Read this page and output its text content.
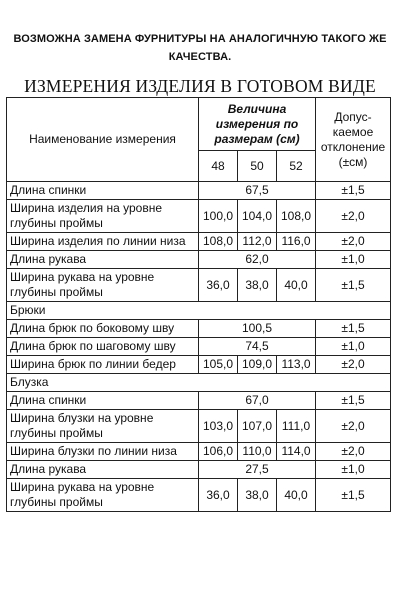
ВОЗМОЖНА ЗАМЕНА ФУРНИТУРЫ НА АНАЛОГИЧНУЮ ТАКОГО ЖЕ КАЧЕСТВА.
ИЗМЕРЕНИЯ ИЗДЕЛИЯ В ГОТОВОМ ВИДЕ
Наименование измерения	Величина измерения по размерам (см)			Допус-каемое отклонение (±см)
	48	50	52	
Длина спинки	67,5			±1,5
Ширина изделия на уровне глубины проймы	100,0	104,0	108,0	±2,0
Ширина изделия по линии низа	108,0	112,0	116,0	±2,0
Длина рукава	62,0			±1,0
Ширина рукава на уровне глубины проймы	36,0	38,0	40,0	±1,5
Брюки				
Длина брюк по боковому шву	100,5			±1,5
Длина брюк по шаговому шву	74,5			±1,0
Ширина брюк по линии бедер	105,0	109,0	113,0	±2,0
Блузка				
Длина спинки	67,0			±1,5
Ширина блузки на уровне глубины проймы	103,0	107,0	111,0	±2,0
Ширина блузки по линии низа	106,0	110,0	114,0	±2,0
Длина рукава	27,5			±1,0
Ширина рукава на уровне глубины проймы	36,0	38,0	40,0	±1,5
